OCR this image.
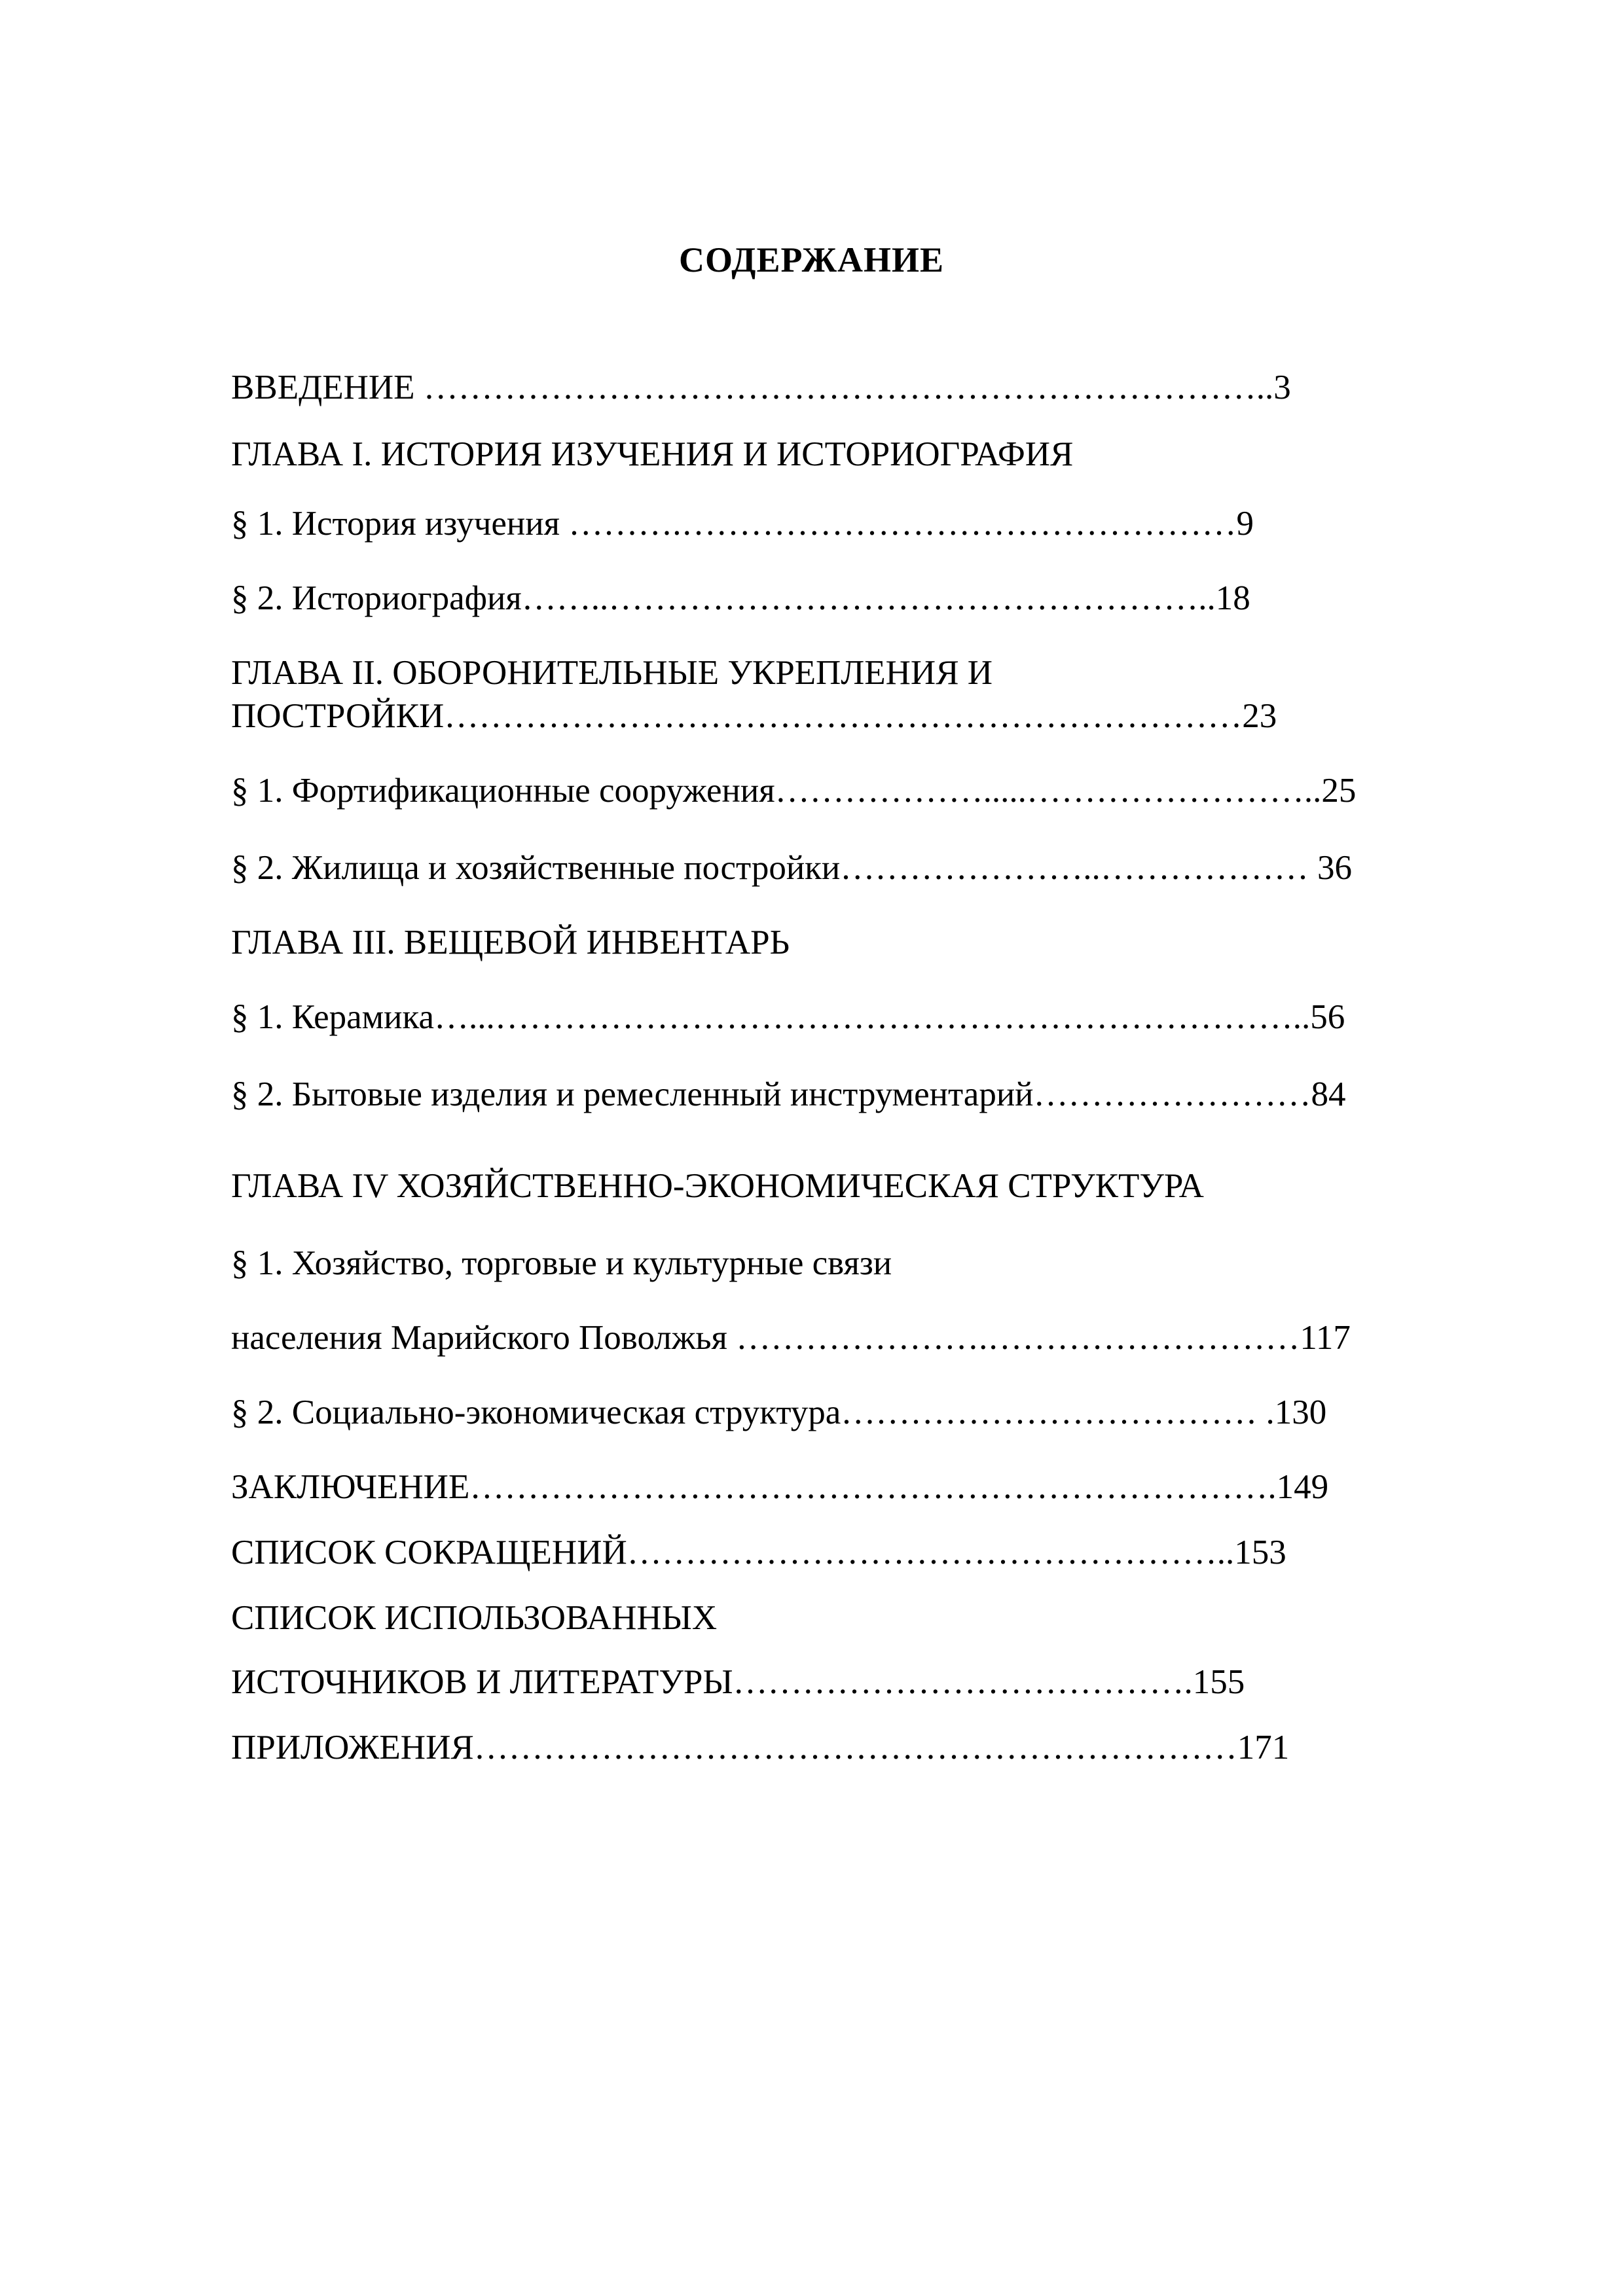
СОДЕРЖАНИЕ
ВВЕДЕНИЕ ………………………………………………………………..3
ГЛАВА I. ИСТОРИЯ ИЗУЧЕНИЯ И ИСТОРИОГРАФИЯ
§ 1. История изучения ……….…………………………………………9
§ 2. Историография……..……………………………………………..18
ГЛАВА II. ОБОРОНИТЕЛЬНЫЕ УКРЕПЛЕНИЯ И
ПОСТРОЙКИ……………………………………………………………23
§ 1. Фортификационные сооружения……………….....……………………..25
§ 2. Жилища и хозяйственные постройки…………………..……………… 36
ГЛАВА III. ВЕЩЕВОЙ ИНВЕНТАРЬ
§ 1. Керамика…...……………………………………………………………..56
§ 2. Бытовые изделия и ремесленный инструментарий……………………84
ГЛАВА IV ХОЗЯЙСТВЕННО-ЭКОНОМИЧЕСКАЯ СТРУКТУРА
§ 1. Хозяйство, торговые и культурные связи
населения Марийского Поволжья ………………….………………………117
§ 2. Социально-экономическая структура……………………………… .130
ЗАКЛЮЧЕНИЕ…………………………………………………………….149
СПИСОК СОКРАЩЕНИЙ……………………………………………..153
СПИСОК ИСПОЛЬЗОВАННЫХ
ИСТОЧНИКОВ И ЛИТЕРАТУРЫ………………………………….155
ПРИЛОЖЕНИЯ…………………………………………………………171
